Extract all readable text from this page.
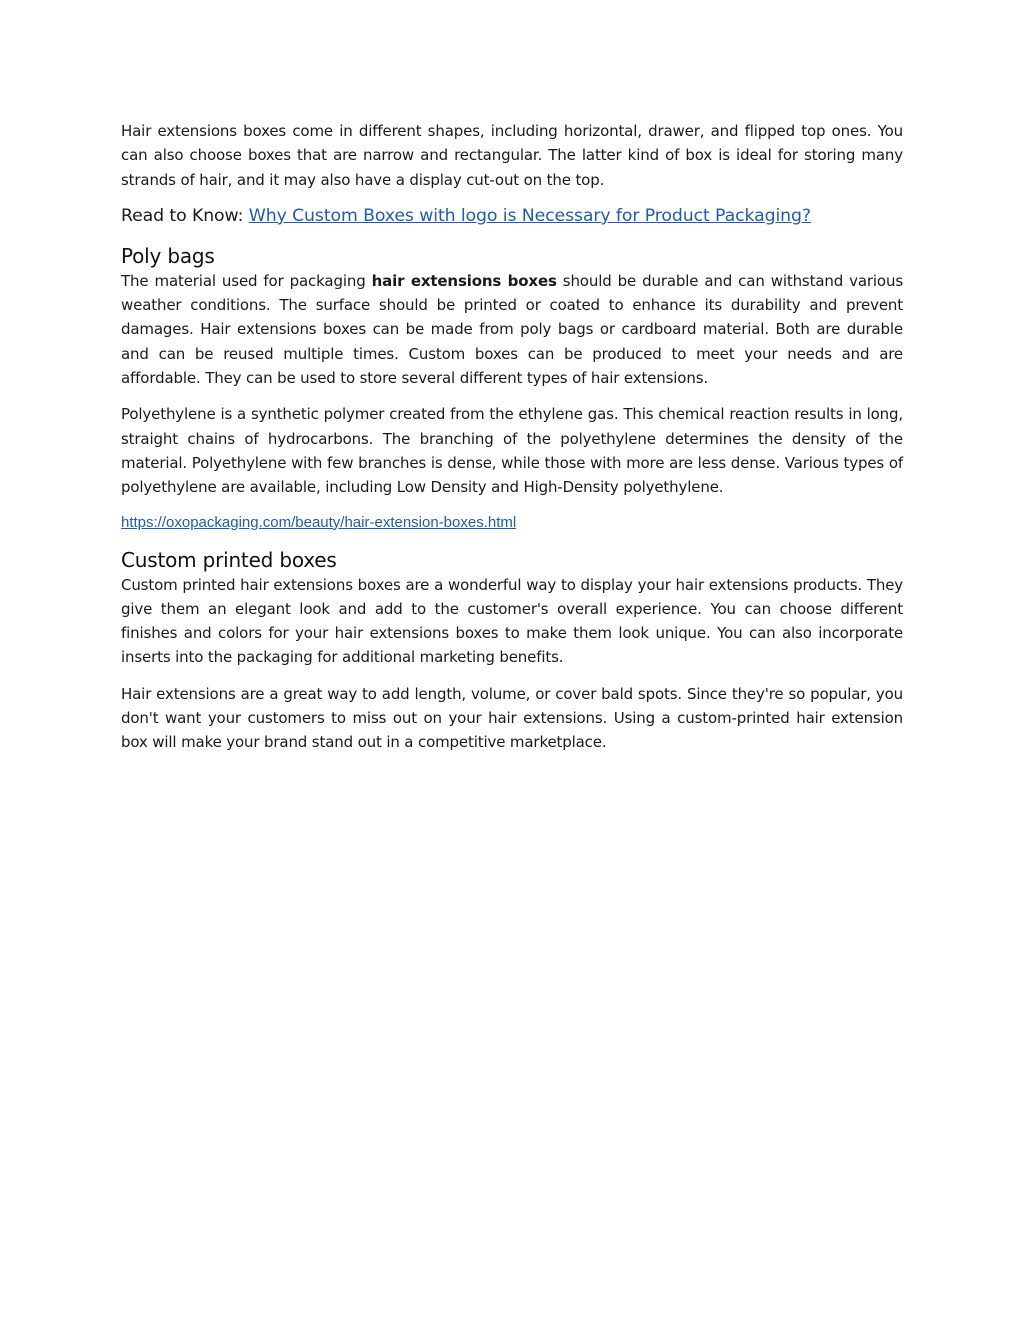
Hair extensions boxes come in different shapes, including horizontal, drawer, and flipped top ones. You can also choose boxes that are narrow and rectangular. The latter kind of box is ideal for storing many strands of hair, and it may also have a display cut-out on the top.

Read to Know: Why Custom Boxes with logo is Necessary for Product Packaging?
Poly bags

The material used for packaging hair extensions boxes should be durable and can withstand various weather conditions. The surface should be printed or coated to enhance its durability and prevent damages. Hair extensions boxes can be made from poly bags or cardboard material. Both are durable and can be reused multiple times. Custom boxes can be produced to meet your needs and are affordable. They can be used to store several different types of hair extensions.

Polyethylene is a synthetic polymer created from the ethylene gas. This chemical reaction results in long, straight chains of hydrocarbons. The branching of the polyethylene determines the density of the material. Polyethylene with few branches is dense, while those with more are less dense. Various types of polyethylene are available, including Low Density and High-Density polyethylene.

https://oxopackaging.com/beauty/hair-extension-boxes.html
Custom printed boxes

Custom printed hair extensions boxes are a wonderful way to display your hair extensions products. They give them an elegant look and add to the customer's overall experience. You can choose different finishes and colors for your hair extensions boxes to make them look unique. You can also incorporate inserts into the packaging for additional marketing benefits.

Hair extensions are a great way to add length, volume, or cover bald spots. Since they're so popular, you don't want your customers to miss out on your hair extensions. Using a custom-printed hair extension box will make your brand stand out in a competitive marketplace.
